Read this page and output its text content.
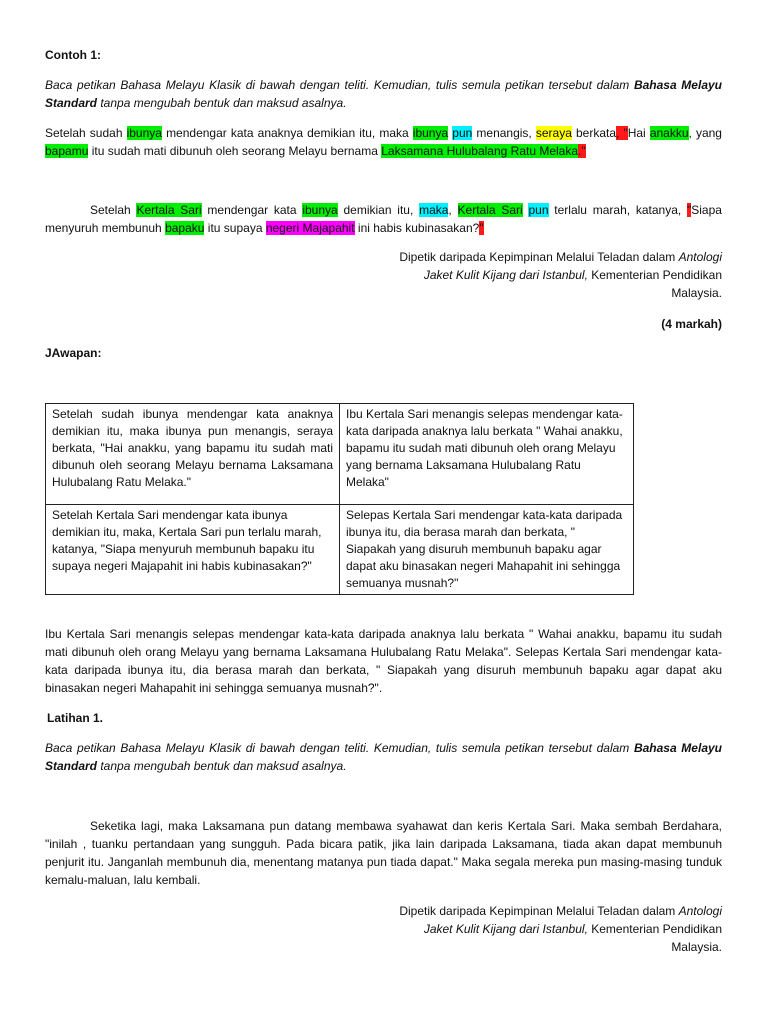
Contoh 1:

Baca petikan Bahasa Melayu Klasik di bawah dengan teliti. Kemudian, tulis semula petikan tersebut dalam Bahasa Melayu Standard tanpa mengubah bentuk dan maksud asalnya.

Setelah sudah ibunya mendengar kata anaknya demikian itu, maka ibunya pun menangis, seraya berkata, "Hai anakku, yang bapamu itu sudah mati dibunuh oleh seorang Melayu bernama Laksamana Hulubalang Ratu Melaka."

Setelah Kertala Sari mendengar kata ibunya demikian itu, maka, Kertala Sari pun terlalu marah, katanya, "Siapa menyuruh membunuh bapaku itu supaya negeri Majapahit ini habis kubinasakan?"

Dipetik daripada Kepimpinan Melalui Teladan dalam Antologi
Jaket Kulit Kijang dari Istanbul, Kementerian Pendidikan
Malaysia.

(4 markah)

JAwapan:

Setelah sudah ibunya mendengar kata anaknya demikian itu, maka ibunya pun menangis, seraya berkata, "Hai anakku, yang bapamu itu sudah mati dibunuh oleh seorang Melayu bernama Laksamana Hulubalang Ratu Melaka."	Ibu Kertala Sari menangis selepas mendengar kata-kata daripada anaknya lalu berkata " Wahai anakku, bapamu itu sudah mati dibunuh oleh orang Melayu yang bernama Laksamana Hulubalang Ratu Melaka"
Setelah Kertala Sari mendengar kata ibunya demikian itu, maka, Kertala Sari pun terlalu marah, katanya, "Siapa menyuruh membunuh bapaku itu supaya negeri Majapahit ini habis kubinasakan?"	Selepas Kertala Sari mendengar kata-kata daripada ibunya itu, dia berasa marah dan berkata, " Siapakah yang disuruh membunuh bapaku agar dapat aku binasakan negeri Mahapahit ini sehingga semuanya musnah?"

Ibu Kertala Sari menangis selepas mendengar kata-kata daripada anaknya lalu berkata " Wahai anakku, bapamu itu sudah mati dibunuh oleh orang Melayu yang bernama Laksamana Hulubalang Ratu Melaka". Selepas Kertala Sari mendengar kata-kata daripada ibunya itu, dia berasa marah dan berkata, " Siapakah yang disuruh membunuh bapaku agar dapat aku binasakan negeri Mahapahit ini sehingga semuanya musnah?".

Latihan 1.

Baca petikan Bahasa Melayu Klasik di bawah dengan teliti. Kemudian, tulis semula petikan tersebut dalam Bahasa Melayu Standard tanpa mengubah bentuk dan maksud asalnya.

Seketika lagi, maka Laksamana pun datang membawa syahawat dan keris Kertala Sari. Maka sembah Berdahara, "inilah , tuanku pertandaan yang sungguh. Pada bicara patik, jika lain daripada Laksamana, tiada akan dapat membunuh penjurit itu. Janganlah membunuh dia, menentang matanya pun tiada dapat." Maka segala mereka pun masing-masing tunduk kemalu-maluan, lalu kembali.

Dipetik daripada Kepimpinan Melalui Teladan dalam Antologi
Jaket Kulit Kijang dari Istanbul, Kementerian Pendidikan
Malaysia.
